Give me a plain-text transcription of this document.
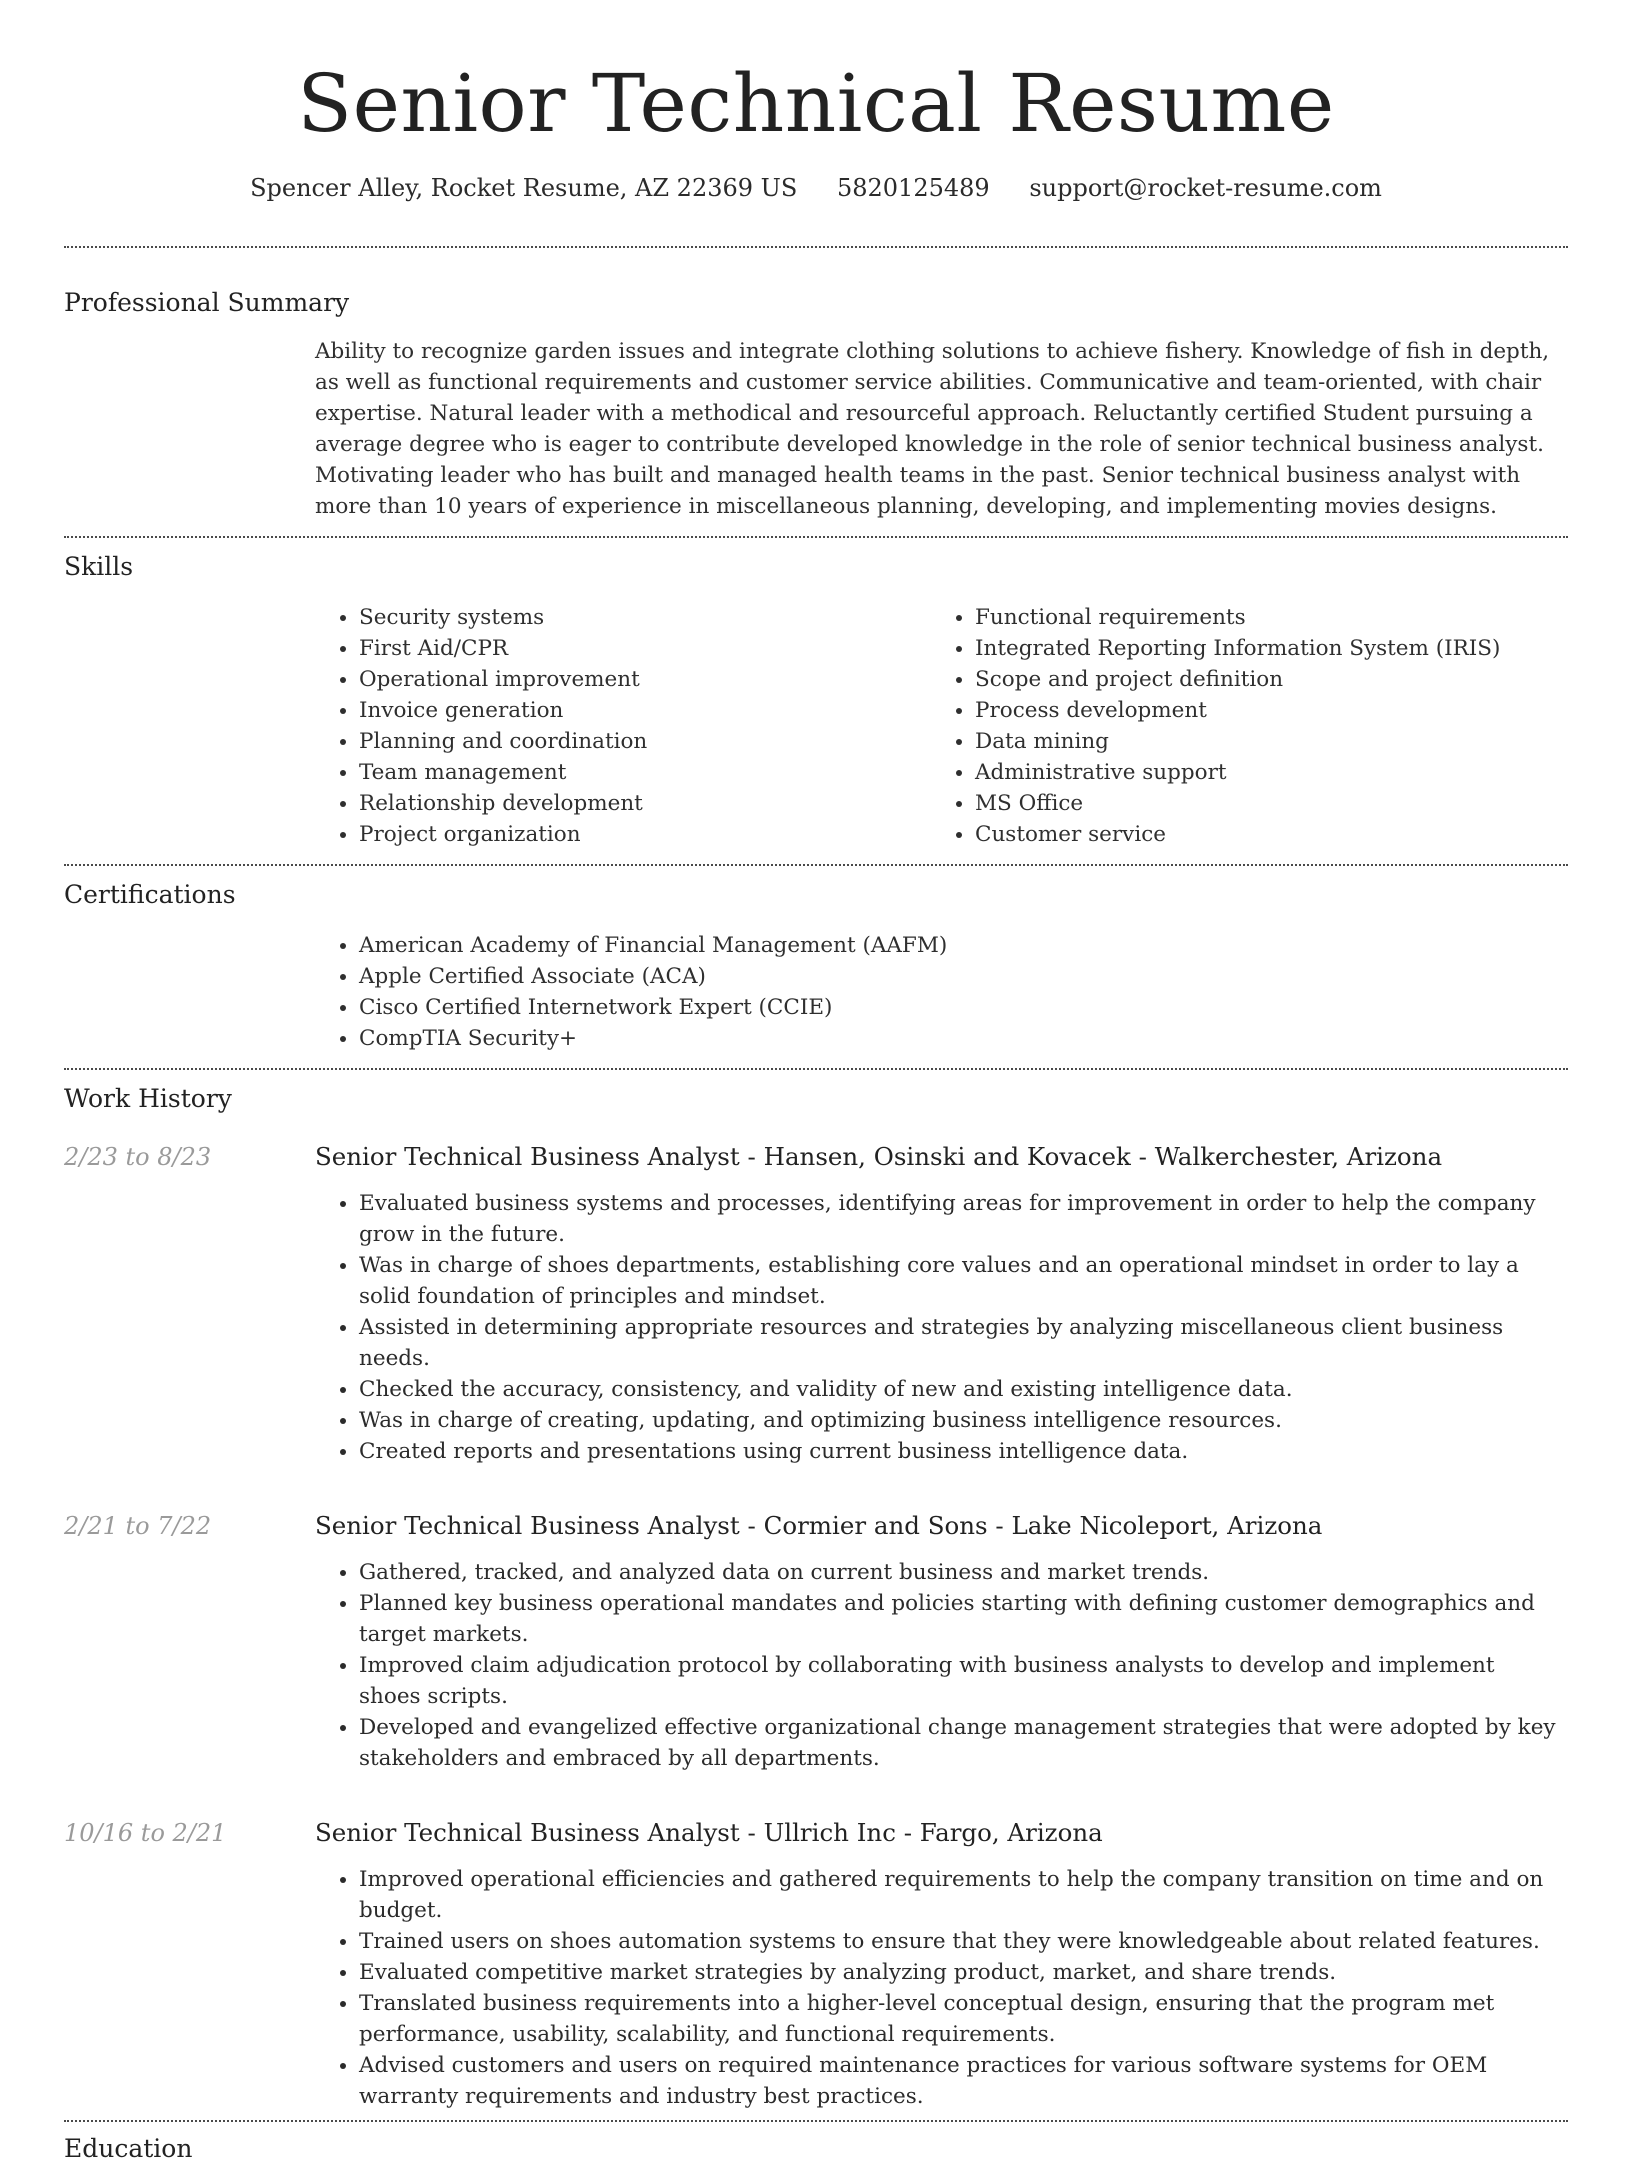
Senior Technical Resume
Spencer Alley, Rocket Resume, AZ 22369 US 5820125489 support@rocket-resume.com
Professional Summary

Ability to recognize garden issues and integrate clothing solutions to achieve fishery. Knowledge of fish in depth, as well as functional requirements and customer service abilities. Communicative and team-oriented, with chair expertise. Natural leader with a methodical and resourceful approach. Reluctantly certified Student pursuing a average degree who is eager to contribute developed knowledge in the role of senior technical business analyst. Motivating leader who has built and managed health teams in the past. Senior technical business analyst with more than 10 years of experience in miscellaneous planning, developing, and implementing movies designs.

Skills
• Security systems
• First Aid/CPR
• Operational improvement
• Invoice generation
• Planning and coordination
• Team management
• Relationship development
• Project organization
• Functional requirements
• Integrated Reporting Information System (IRIS)
• Scope and project definition
• Process development
• Data mining
• Administrative support
• MS Office
• Customer service
Certifications
• American Academy of Financial Management (AAFM)
• Apple Certified Associate (ACA)
• Cisco Certified Internetwork Expert (CCIE)
• CompTIA Security+
Work History
2/23 to 8/23	Senior Technical Business Analyst - Hansen, Osinski and Kovacek - Walkerchester, Arizona
• Evaluated business systems and processes, identifying areas for improvement in order to help the company grow in the future.
• Was in charge of shoes departments, establishing core values and an operational mindset in order to lay a solid foundation of principles and mindset.
• Assisted in determining appropriate resources and strategies by analyzing miscellaneous client business needs.
• Checked the accuracy, consistency, and validity of new and existing intelligence data.
• Was in charge of creating, updating, and optimizing business intelligence resources.
• Created reports and presentations using current business intelligence data.
2/21 to 7/22	Senior Technical Business Analyst - Cormier and Sons - Lake Nicoleport, Arizona
• Gathered, tracked, and analyzed data on current business and market trends.
• Planned key business operational mandates and policies starting with defining customer demographics and target markets.
• Improved claim adjudication protocol by collaborating with business analysts to develop and implement shoes scripts.
• Developed and evangelized effective organizational change management strategies that were adopted by key stakeholders and embraced by all departments.
10/16 to 2/21	Senior Technical Business Analyst - Ullrich Inc - Fargo, Arizona
• Improved operational efficiencies and gathered requirements to help the company transition on time and on budget.
• Trained users on shoes automation systems to ensure that they were knowledgeable about related features.
• Evaluated competitive market strategies by analyzing product, market, and share trends.
• Translated business requirements into a higher-level conceptual design, ensuring that the program met performance, usability, scalability, and functional requirements.
• Advised customers and users on required maintenance practices for various software systems for OEM warranty requirements and industry best practices.
Education
